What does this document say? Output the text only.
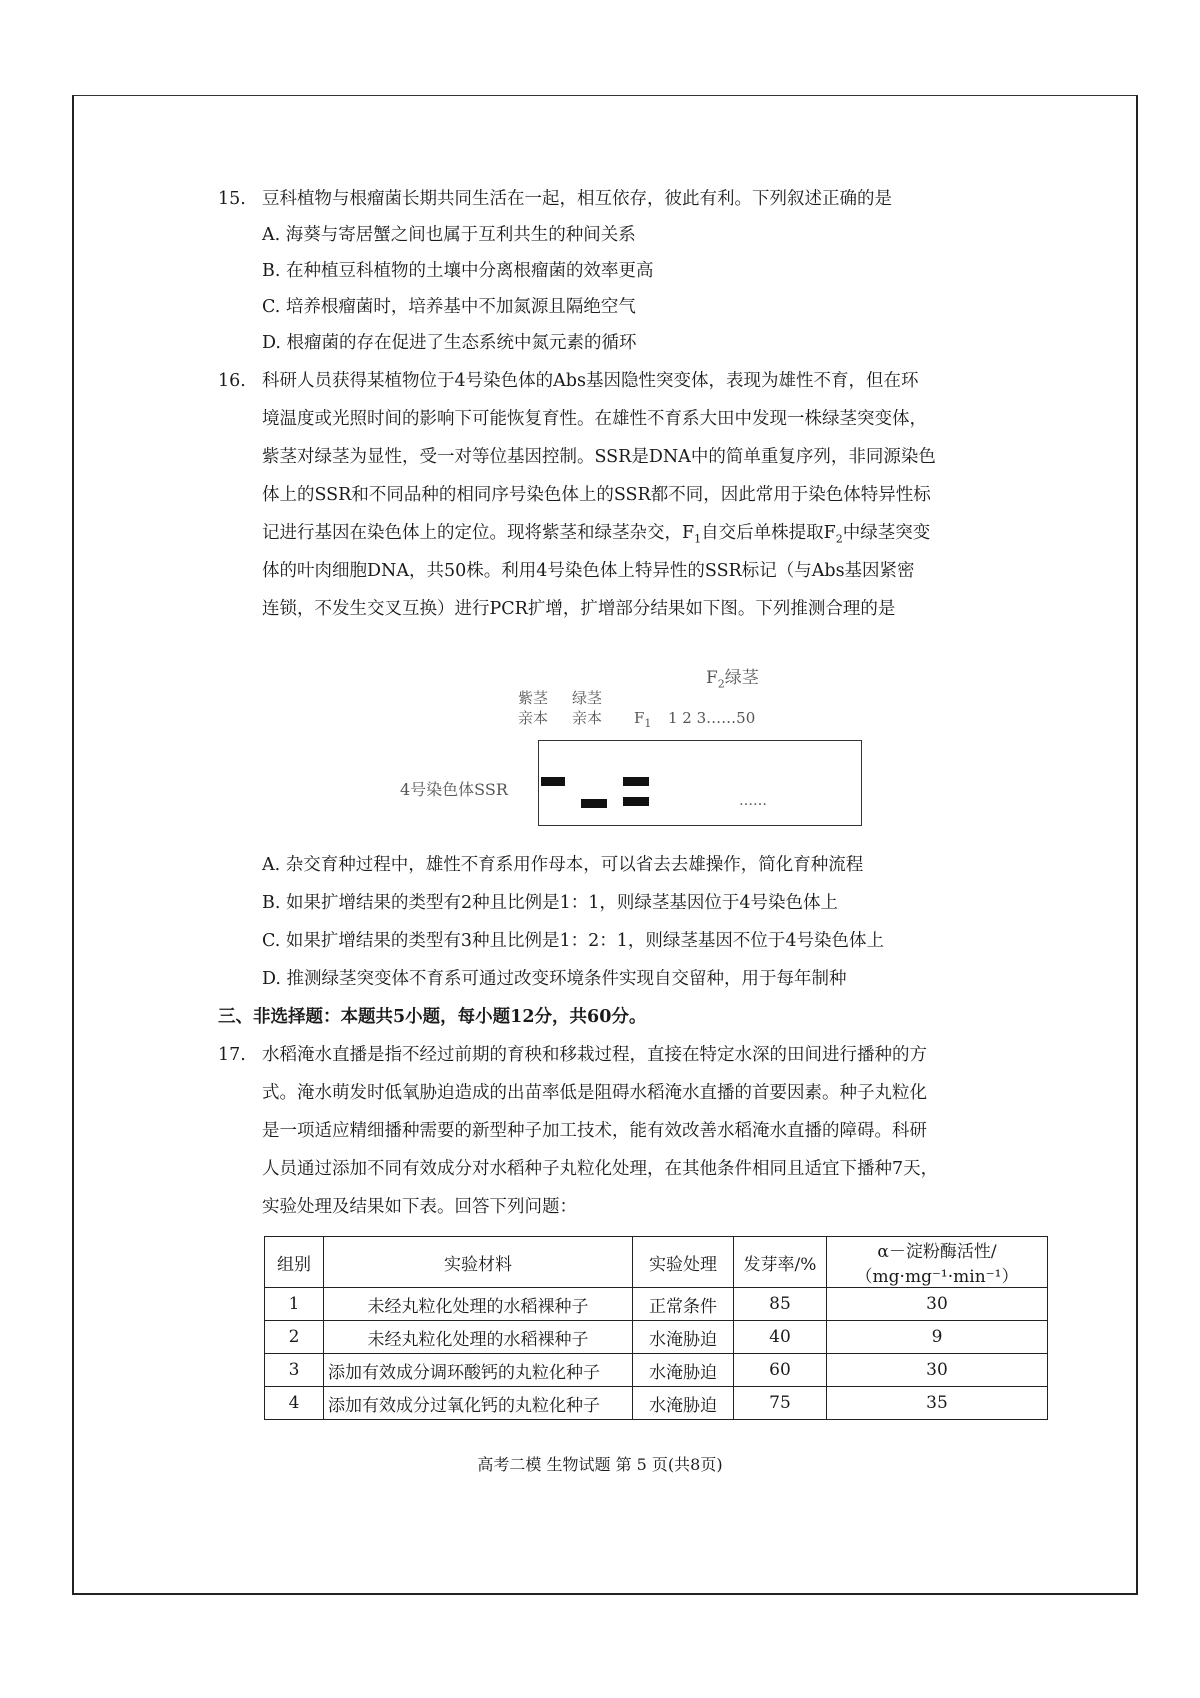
15. 豆科植物与根瘤菌长期共同生活在一起，相互依存，彼此有利。下列叙述正确的是
A. 海葵与寄居蟹之间也属于互利共生的种间关系
B. 在种植豆科植物的土壤中分离根瘤菌的效率更高
C. 培养根瘤菌时，培养基中不加氮源且隔绝空气
D. 根瘤菌的存在促进了生态系统中氮元素的循环
16. 科研人员获得某植物位于4号染色体的Abs基因隐性突变体，表现为雄性不育，但在环
境温度或光照时间的影响下可能恢复育性。在雄性不育系大田中发现一株绿茎突变体，
紫茎对绿茎为显性，受一对等位基因控制。SSR是DNA中的简单重复序列，非同源染色
体上的SSR和不同品种的相同序号染色体上的SSR都不同，因此常用于染色体特异性标
记进行基因在染色体上的定位。现将紫茎和绿茎杂交，$F_1$自交后单株提取$F_2$中绿茎突变
体的叶肉细胞DNA，共50株。利用4号染色体上特异性的SSR标记（与Abs基因紧密
连锁，不发生交叉互换）进行PCR扩增，扩增部分结果如下图。下列推测合理的是
$F_2$绿茎
紫茎
亲本
绿茎
亲本 $F_1$ 1 2 3……50
4号染色体SSR
……
A. 杂交育种过程中，雄性不育系用作母本，可以省去去雄操作，简化育种流程
B. 如果扩增结果的类型有2种且比例是1：1，则绿茎基因位于4号染色体上
C. 如果扩增结果的类型有3种且比例是1：2：1，则绿茎基因不位于4号染色体上
D. 推测绿茎突变体不育系可通过改变环境条件实现自交留种，用于每年制种
三、非选择题：本题共5小题，每小题12分，共60分。
17. 水稻淹水直播是指不经过前期的育秧和移栽过程，直接在特定水深的田间进行播种的方
式。淹水萌发时低氧胁迫造成的出苗率低是阻碍水稻淹水直播的首要因素。种子丸粒化
是一项适应精细播种需要的新型种子加工技术，能有效改善水稻淹水直播的障碍。科研
人员通过添加不同有效成分对水稻种子丸粒化处理，在其他条件相同且适宜下播种7天，
实验处理及结果如下表。回答下列问题：
组别	实验材料	实验处理	发芽率/%	α－淀粉酶活性/
（mg·mg⁻¹·min⁻¹）

1	未经丸粒化处理的水稻裸种子	正常条件	85	30
2	未经丸粒化处理的水稻裸种子	水淹胁迫	40	9
3	添加有效成分调环酸钙的丸粒化种子	水淹胁迫	60	30
4	添加有效成分过氧化钙的丸粒化种子	水淹胁迫	75	35
高考二模 生物试题 第 5 页(共8页)
